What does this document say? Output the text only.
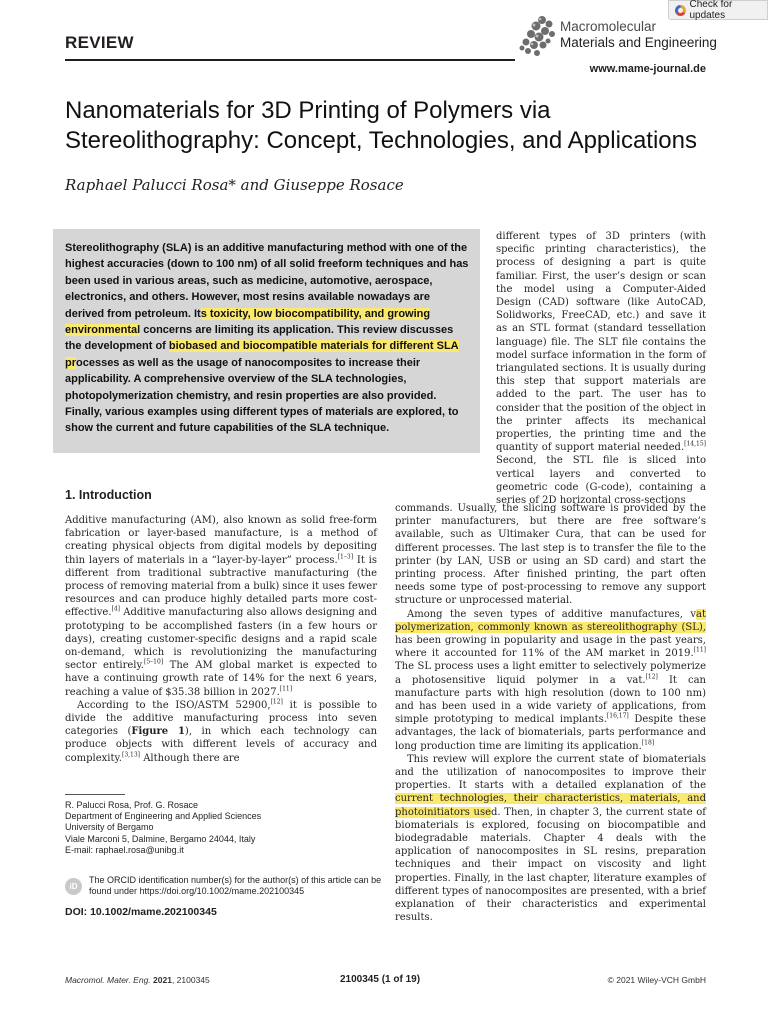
Check for updates
REVIEW
Macromolecular
Materials and Engineering
www.mame-journal.de
Nanomaterials for 3D Printing of Polymers via Stereolithography: Concept, Technologies, and Applications
Raphael Palucci Rosa* and Giuseppe Rosace
Stereolithography (SLA) is an additive manufacturing method with one of the highest accuracies (down to 100 nm) of all solid freeform techniques and has been used in various areas, such as medicine, automotive, aerospace, electronics, and others. However, most resins available nowadays are derived from petroleum. Its toxicity, low biocompatibility, and growing environmental concerns are limiting its application. This review discusses the development of biobased and biocompatible materials for different SLA processes as well as the usage of nanocomposites to increase their applicability. A comprehensive overview of the SLA technologies, photopolymerization chemistry, and resin properties are also provided. Finally, various examples using different types of materials are explored, to show the current and future capabilities of the SLA technique.

different types of 3D printers (with specific printing characteristics), the process of designing a part is quite familiar. First, the user’s design or scan the model using a Computer-Aided Design (CAD) software (like AutoCAD, Solidworks, FreeCAD, etc.) and save it as an STL format (standard tessellation language) file. The SLT file contains the model surface information in the form of triangulated sections. It is usually during this step that support materials are added to the part. The user has to consider that the position of the object in the printer affects its mechanical properties, the printing time and the quantity of support material needed.[14,15] Second, the STL file is sliced into vertical layers and converted to geometric code (G-code), containing a series of 2D horizontal cross-sections

1. Introduction

Additive manufacturing (AM), also known as solid free-form fabrication or layer-based manufacture, is a method of creating physical objects from digital models by depositing thin layers of materials in a “layer-by-layer” process.[1–3] It is different from traditional subtractive manufacturing (the process of removing material from a bulk) since it uses fewer resources and can produce highly detailed parts more cost-effective.[4] Additive manufacturing also allows designing and prototyping to be accomplished fasters (in a few hours or days), creating customer-specific designs and a rapid scale on-demand, which is revolutionizing the manufacturing sector entirely.[5–10] The AM global market is expected to have a continuing growth rate of 14% for the next 6 years, reaching a value of $35.38 billion in 2027.[11]

According to the ISO/ASTM 52900,[12] it is possible to divide the additive manufacturing process into seven categories (Figure 1), in which each technology can produce objects with different levels of accuracy and complexity.[3,13] Although there are

commands. Usually, the slicing software is provided by the printer manufacturers, but there are free software’s available, such as Ultimaker Cura, that can be used for different processes. The last step is to transfer the file to the printer (by LAN, USB or using an SD card) and start the printing process. After finished printing, the part often needs some type of post-processing to remove any support structure or unprocessed material.

Among the seven types of additive manufactures, vat polymerization, commonly known as stereolithography (SL), has been growing in popularity and usage in the past years, where it accounted for 11% of the AM market in 2019.[11] The SL process uses a light emitter to selectively polymerize a photosensitive liquid polymer in a vat.[12] It can manufacture parts with high resolution (down to 100 nm) and has been used in a wide variety of applications, from simple prototyping to medical implants.[16,17] Despite these advantages, the lack of biomaterials, parts performance and long production time are limiting its application.[18]

This review will explore the current state of biomaterials and the utilization of nanocomposites to improve their properties. It starts with a detailed explanation of the current technologies, their characteristics, materials, and photoinitiators used. Then, in chapter 3, the current state of biomaterials is explored, focusing on biocompatible and biodegradable materials. Chapter 4 deals with the application of nanocomposites in SL resins, preparation techniques and their impact on viscosity and light properties. Finally, in the last chapter, literature examples of different types of nanocomposites are presented, with a brief explanation of their characteristics and experimental results.

R. Palucci Rosa, Prof. G. Rosace
Department of Engineering and Applied Sciences
University of Bergamo
Viale Marconi 5, Dalmine, Bergamo 24044, Italy
E-mail: raphael.rosa@unibg.it
iD
The ORCID identification number(s) for the author(s) of this article can be found under https://doi.org/10.1002/mame.202100345
DOI: 10.1002/mame.202100345
Macromol. Mater. Eng. 2021, 2100345	2100345 (1 of 19)	© 2021 Wiley-VCH GmbH
